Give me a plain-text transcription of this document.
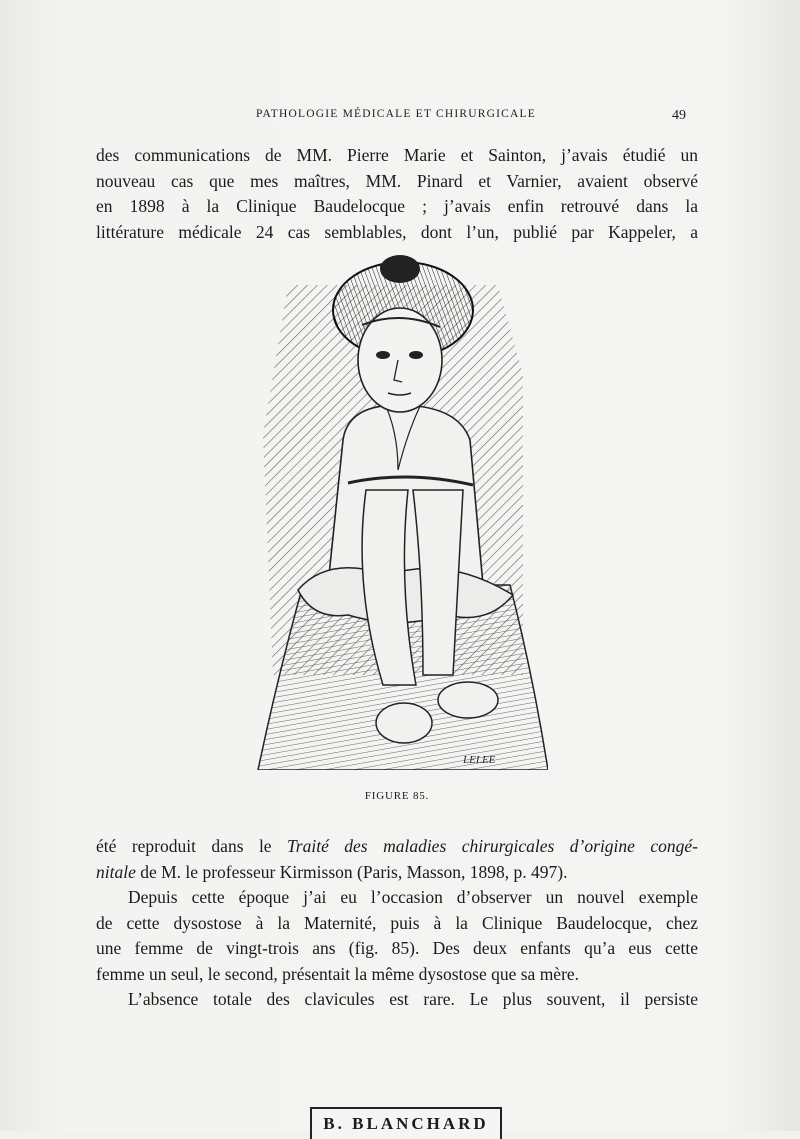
PATHOLOGIE MÉDICALE ET CHIRURGICALE	49
des communications de MM. Pierre Marie et Sainton, j’avais étudié un
nouveau cas que mes maîtres, MM. Pinard et Varnier, avaient observé
en 1898 à la Clinique Baudelocque ; j’avais enfin retrouvé dans la
littérature médicale 24 cas semblables, dont l’un, publié par Kappeler, a
LELEE
FIGURE 85.
été reproduit dans le Traité des maladies chirurgicales d’origine congé-
nitale de M. le professeur Kirmisson (Paris, Masson, 1898, p. 497).
Depuis cette époque j’ai eu l’occasion d’observer un nouvel exemple
de cette dysostose à la Maternité, puis à la Clinique Baudelocque, chez
une femme de vingt-trois ans (fig. 85). Des deux enfants qu’a eus cette
femme un seul, le second, présentait la même dysostose que sa mère.
L’absence totale des clavicules est rare. Le plus souvent, il persiste
B. BLANCHARD
